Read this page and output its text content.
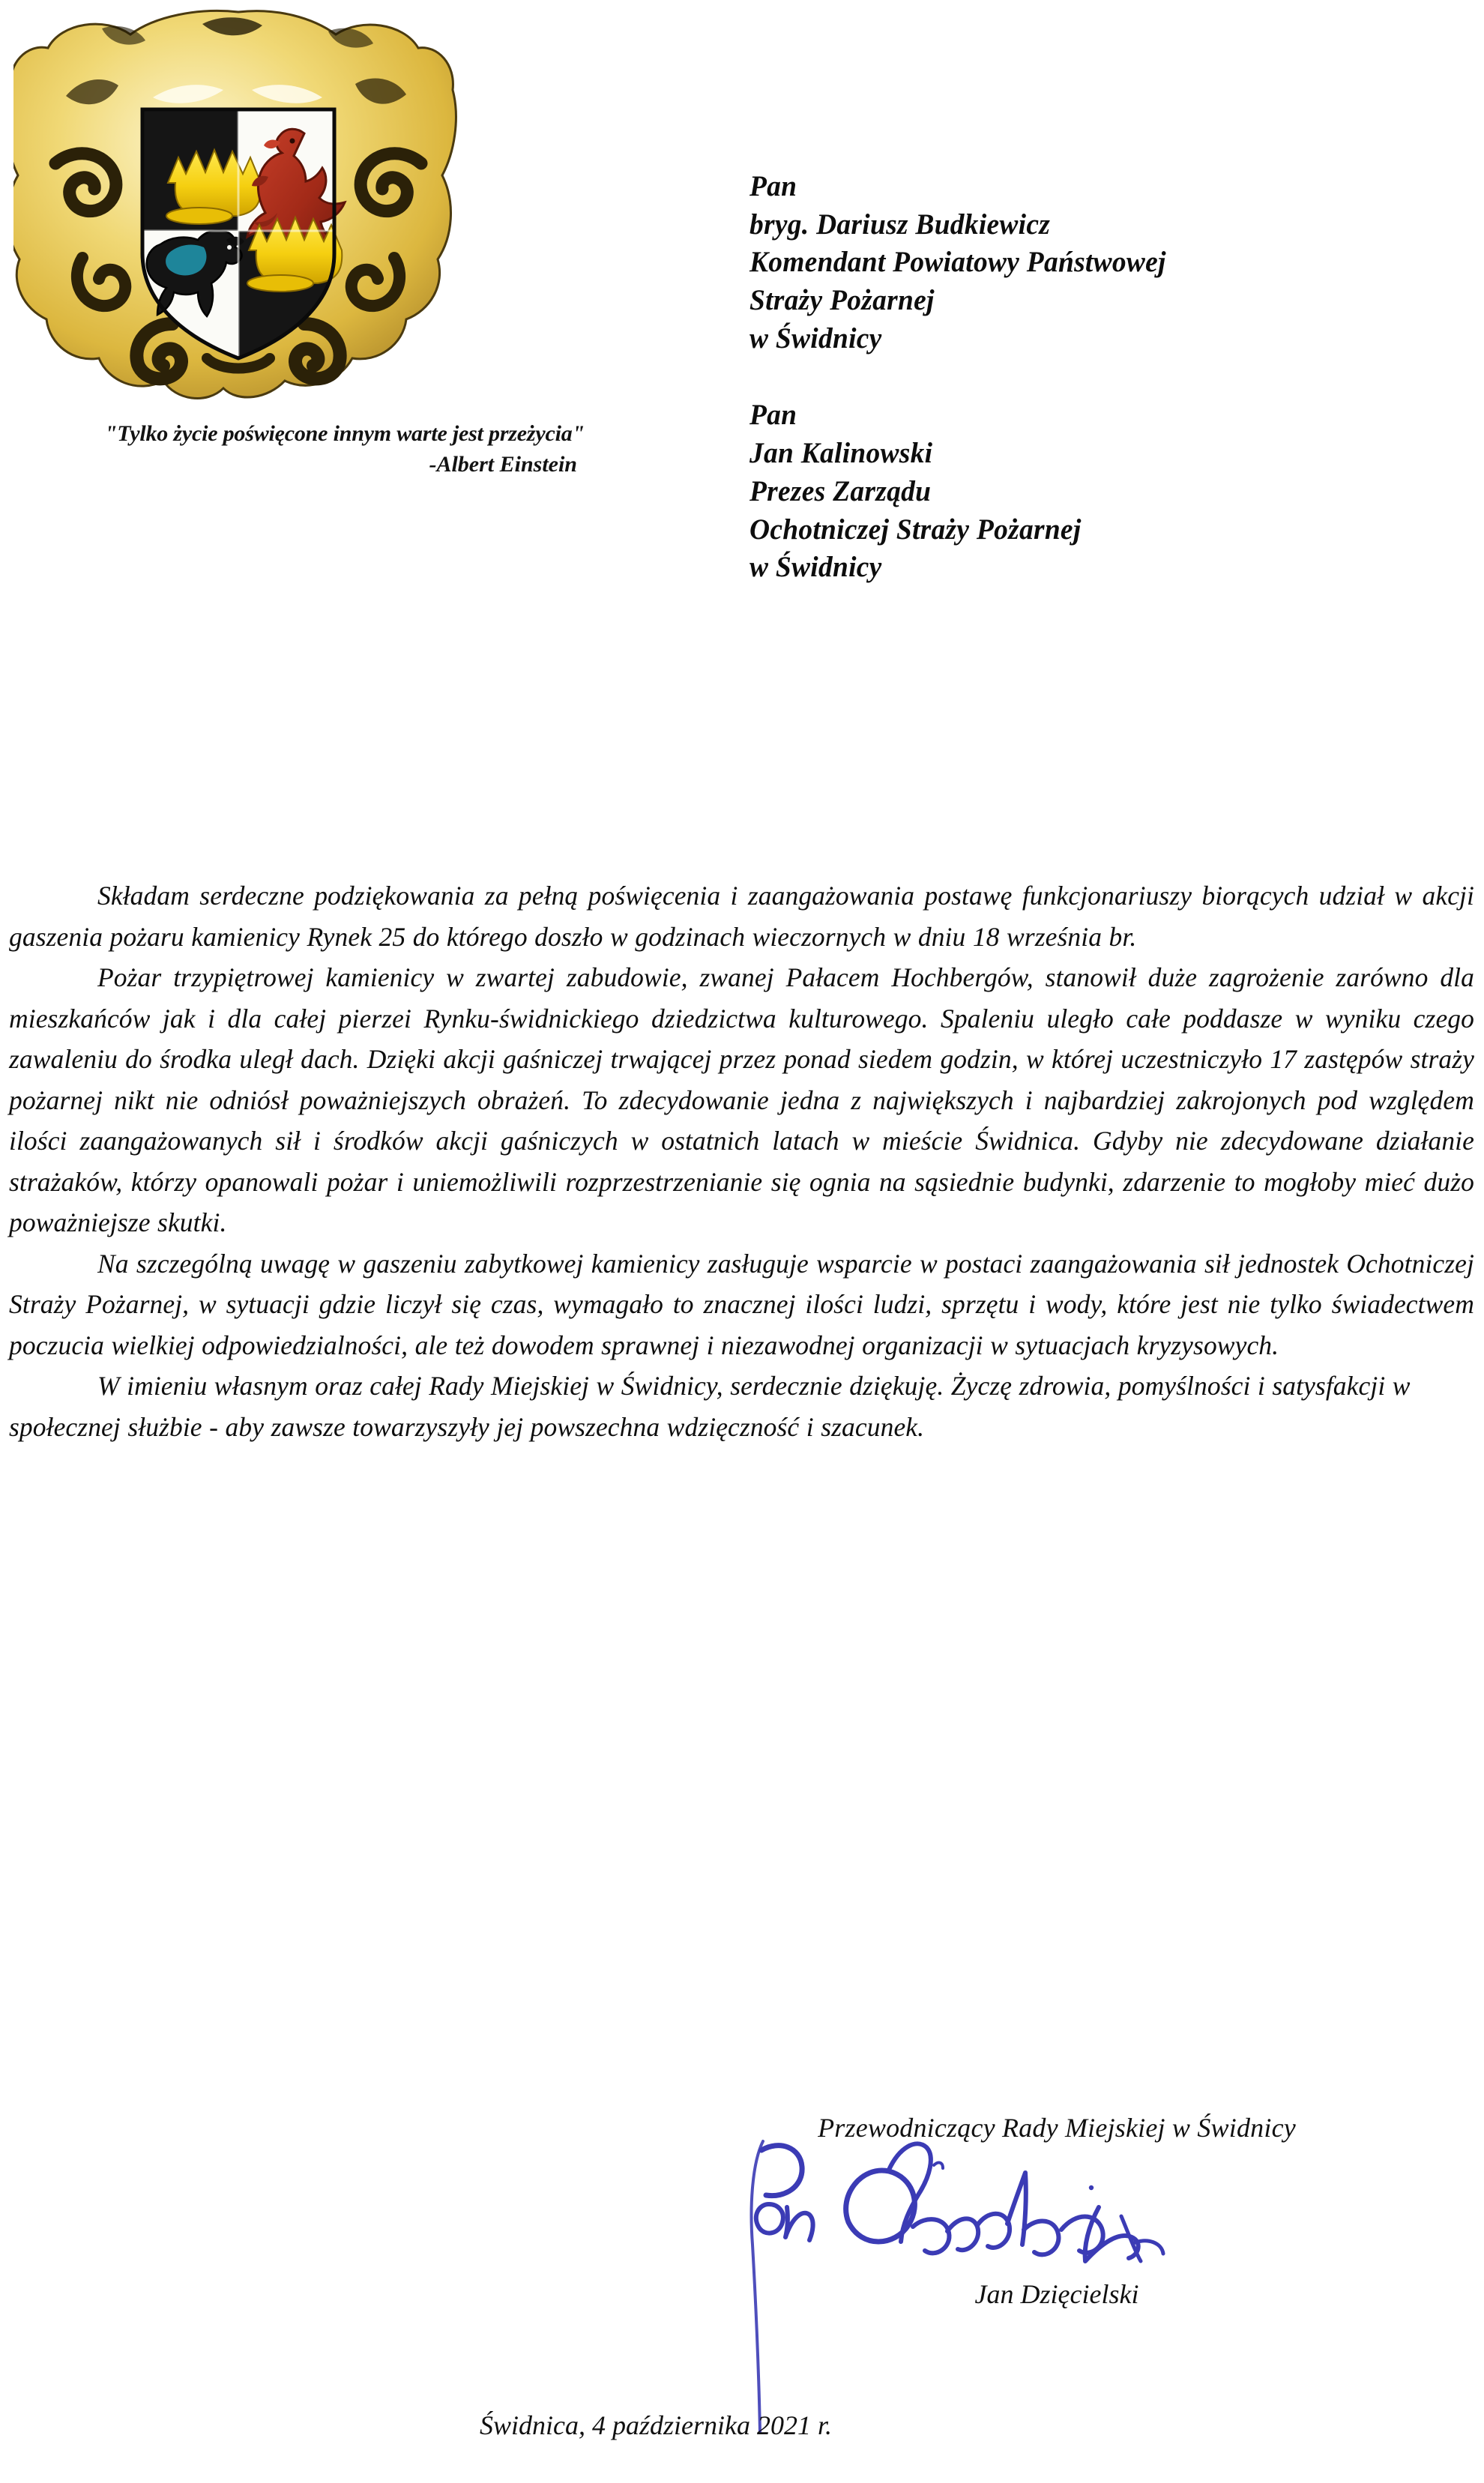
"Tylko życie poświęcone innym warte jest przeżycia"
-Albert Einstein
Pan
bryg. Dariusz Budkiewicz
Komendant Powiatowy Państwowej
Straży Pożarnej
w Świdnicy
Pan
Jan Kalinowski
Prezes Zarządu
Ochotniczej Straży Pożarnej
w Świdnicy

Składam serdeczne podziękowania za pełną poświęcenia i zaangażowania postawę funkcjonariuszy biorących udział w akcji gaszenia pożaru kamienicy Rynek 25 do którego doszło w godzinach wieczornych w dniu 18 września br.

Pożar trzypiętrowej kamienicy w zwartej zabudowie, zwanej Pałacem Hochbergów, stanowił duże zagrożenie zarówno dla mieszkańców jak i dla całej pierzei Rynku-świdnickiego dziedzictwa kulturowego. Spaleniu uległo całe poddasze w wyniku czego zawaleniu do środka uległ dach. Dzięki akcji gaśniczej trwającej przez ponad siedem godzin, w której uczestniczyło 17 zastępów straży pożarnej nikt nie odniósł poważniejszych obrażeń. To zdecydowanie jedna z największych i najbardziej zakrojonych pod względem ilości zaangażowanych sił i środków akcji gaśniczych w ostatnich latach w mieście Świdnica. Gdyby nie zdecydowane działanie strażaków, którzy opanowali pożar i uniemożliwili rozprzestrzenianie się ognia na sąsiednie budynki, zdarzenie to mogłoby mieć dużo poważniejsze skutki.

Na szczególną uwagę w gaszeniu zabytkowej kamienicy zasługuje wsparcie w postaci zaangażowania sił jednostek Ochotniczej Straży Pożarnej, w sytuacji gdzie liczył się czas, wymagało to znacznej ilości ludzi, sprzętu i wody, które jest nie tylko świadectwem poczucia wielkiej odpowiedzialności, ale też dowodem sprawnej i niezawodnej organizacji w sytuacjach kryzysowych.

W imieniu własnym oraz całej Rady Miejskiej w Świdnicy, serdecznie dziękuję. Życzę zdrowia, pomyślności i satysfakcji w społecznej służbie - aby zawsze towarzyszyły jej powszechna wdzięczność i szacunek.

Przewodniczący Rady Miejskiej w Świdnicy
Jan Dzięcielski
Świdnica, 4 października 2021 r.
